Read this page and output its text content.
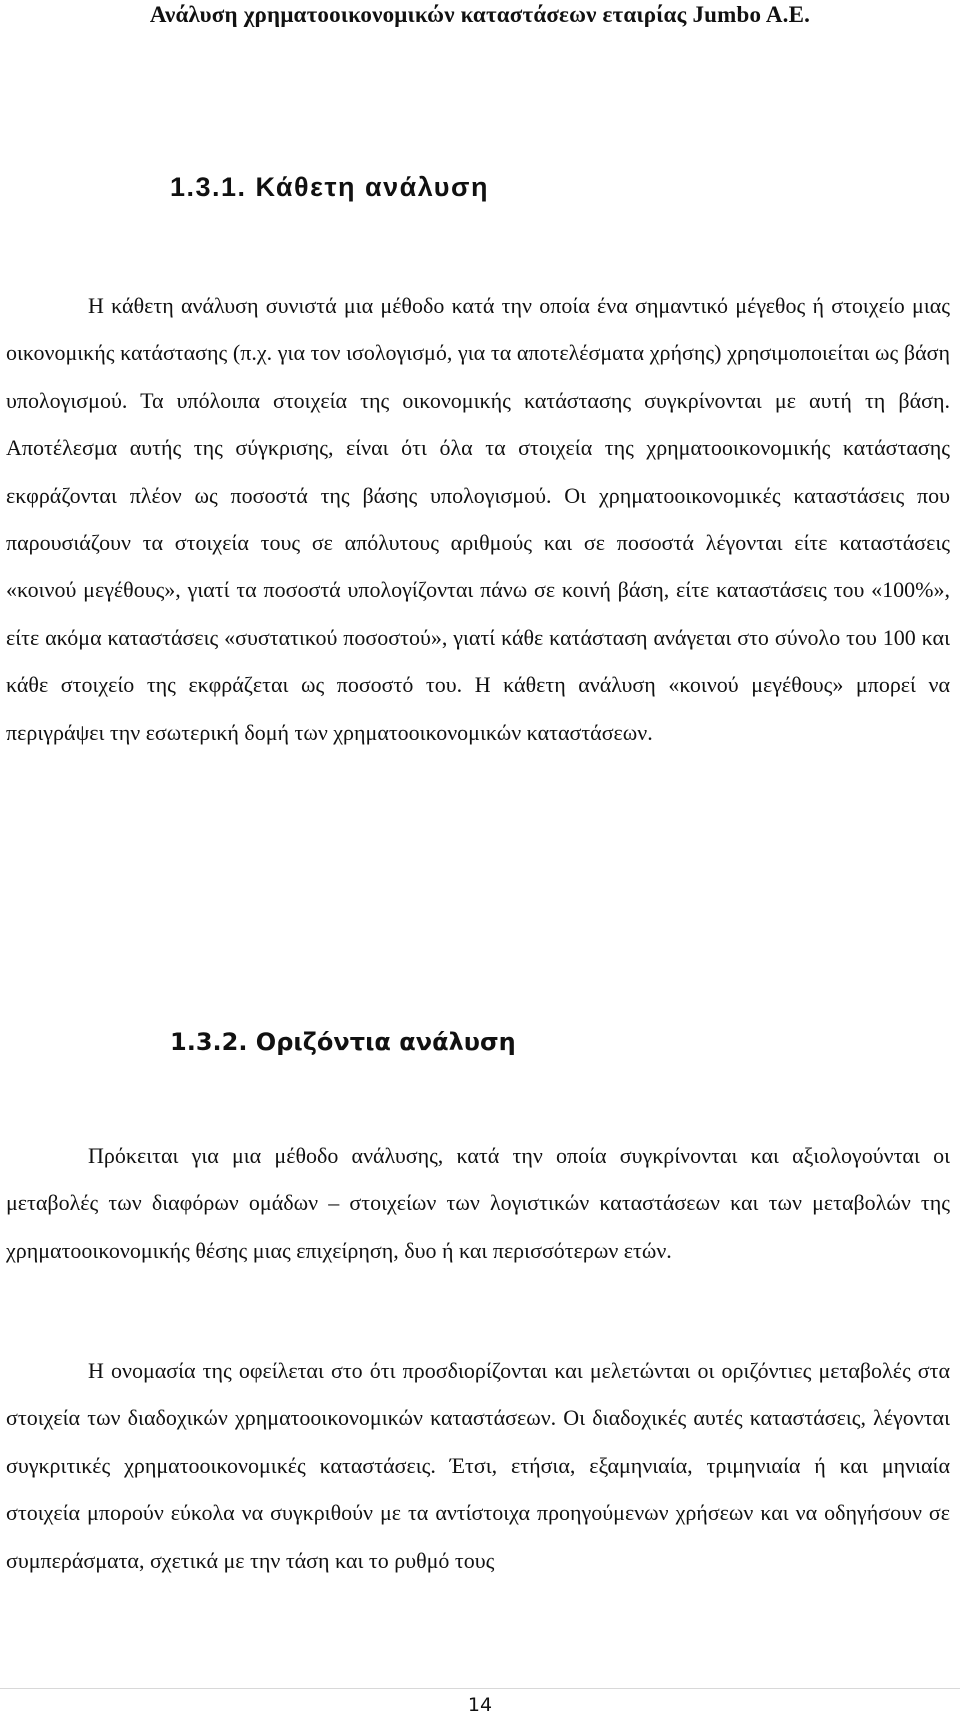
Ανάλυση χρηματοοικονομικών καταστάσεων εταιρίας Jumbo A.E.
1.3.1. Κάθετη ανάλυση

Η κάθετη ανάλυση συνιστά μια μέθοδο κατά την οποία ένα σημαντικό μέγεθος ή στοιχείο μιας οικονομικής κατάστασης (π.χ. για τον ισολογισμό, για τα αποτελέσματα χρήσης) χρησιμοποιείται ως βάση υπολογισμού. Τα υπόλοιπα στοιχεία της οικονομικής κατάστασης συγκρίνονται με αυτή τη βάση. Αποτέλεσμα αυτής της σύγκρισης, είναι ότι όλα τα στοιχεία της χρηματοοικονομικής κατάστασης εκφράζονται πλέον ως ποσοστά της βάσης υπολογισμού. Οι χρηματοοικονομικές καταστάσεις που παρουσιάζουν τα στοιχεία τους σε απόλυτους αριθμούς και σε ποσοστά λέγονται είτε καταστάσεις «κοινού μεγέθους», γιατί τα ποσοστά υπολογίζονται πάνω σε κοινή βάση, είτε καταστάσεις του «100%», είτε ακόμα καταστάσεις «συστατικού ποσοστού», γιατί κάθε κατάσταση ανάγεται στο σύνολο του 100 και κάθε στοιχείο της εκφράζεται ως ποσοστό του. Η κάθετη ανάλυση «κοινού μεγέθους» μπορεί να περιγράψει την εσωτερική δομή των χρηματοοικονομικών καταστάσεων.

1.3.2. Οριζόντια ανάλυση

Πρόκειται για μια μέθοδο ανάλυσης, κατά την οποία συγκρίνονται και αξιολογούνται οι μεταβολές των διαφόρων ομάδων – στοιχείων των λογιστικών καταστάσεων και των μεταβολών της χρηματοοικονομικής θέσης μιας επιχείρηση, δυο ή και περισσότερων ετών.

Η ονομασία της οφείλεται στο ότι προσδιορίζονται και μελετώνται οι οριζόντιες μεταβολές στα στοιχεία των διαδοχικών χρηματοοικονομικών καταστάσεων. Οι διαδοχικές αυτές καταστάσεις, λέγονται συγκριτικές χρηματοοικονομικές καταστάσεις. Έτσι, ετήσια, εξαμηνιαία, τριμηνιαία ή και μηνιαία στοιχεία μπορούν εύκολα να συγκριθούν με τα αντίστοιχα προηγούμενων χρήσεων και να οδηγήσουν σε συμπεράσματα, σχετικά με την τάση και το ρυθμό τους

14
